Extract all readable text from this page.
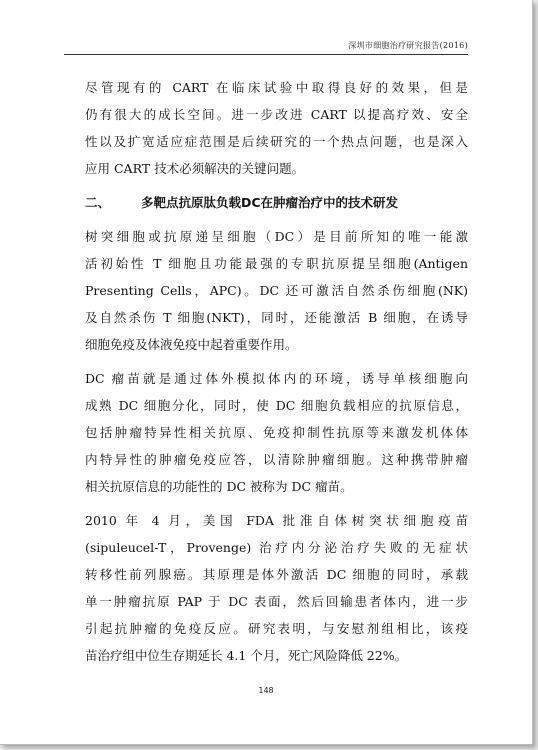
深圳市细胞治疗研究报告(2016)
尽管现有的 CART 在临床试验中取得良好的效果，但是
仍有很大的成长空间。进一步改进 CART 以提高疗效、安全
性以及扩宽适应症范围是后续研究的一个热点问题，也是深入
应用 CART 技术必须解决的关键问题。
二、 多靶点抗原肽负载DC在肿瘤治疗中的技术研发
树突细胞或抗原递呈细胞（DC）是目前所知的唯一能激
活初始性 T 细胞且功能最强的专职抗原提呈细胞(Antigen
Presenting Cells，APC)。DC 还可激活自然杀伤细胞(NK)
及自然杀伤 T 细胞(NKT)，同时，还能激活 B 细胞，在诱导
细胞免疫及体液免疫中起着重要作用。
DC 瘤苗就是通过体外模拟体内的环境，诱导单核细胞向
成熟 DC 细胞分化，同时，使 DC 细胞负载相应的抗原信息，
包括肿瘤特异性相关抗原、免疫抑制性抗原等来激发机体体
内特异性的肿瘤免疫应答，以清除肿瘤细胞。这种携带肿瘤
相关抗原信息的功能性的 DC 被称为 DC 瘤苗。
2010 年 4 月，美国 FDA 批准自体树突状细胞疫苗
(sipuleucel-T，Provenge) 治疗内分泌治疗失败的无症状
转移性前列腺癌。其原理是体外激活 DC 细胞的同时，承载
单一肿瘤抗原 PAP 于 DC 表面，然后回输患者体内，进一步
引起抗肿瘤的免疫反应。研究表明，与安慰剂组相比，该疫
苗治疗组中位生存期延长 4.1 个月，死亡风险降低 22%。
148
